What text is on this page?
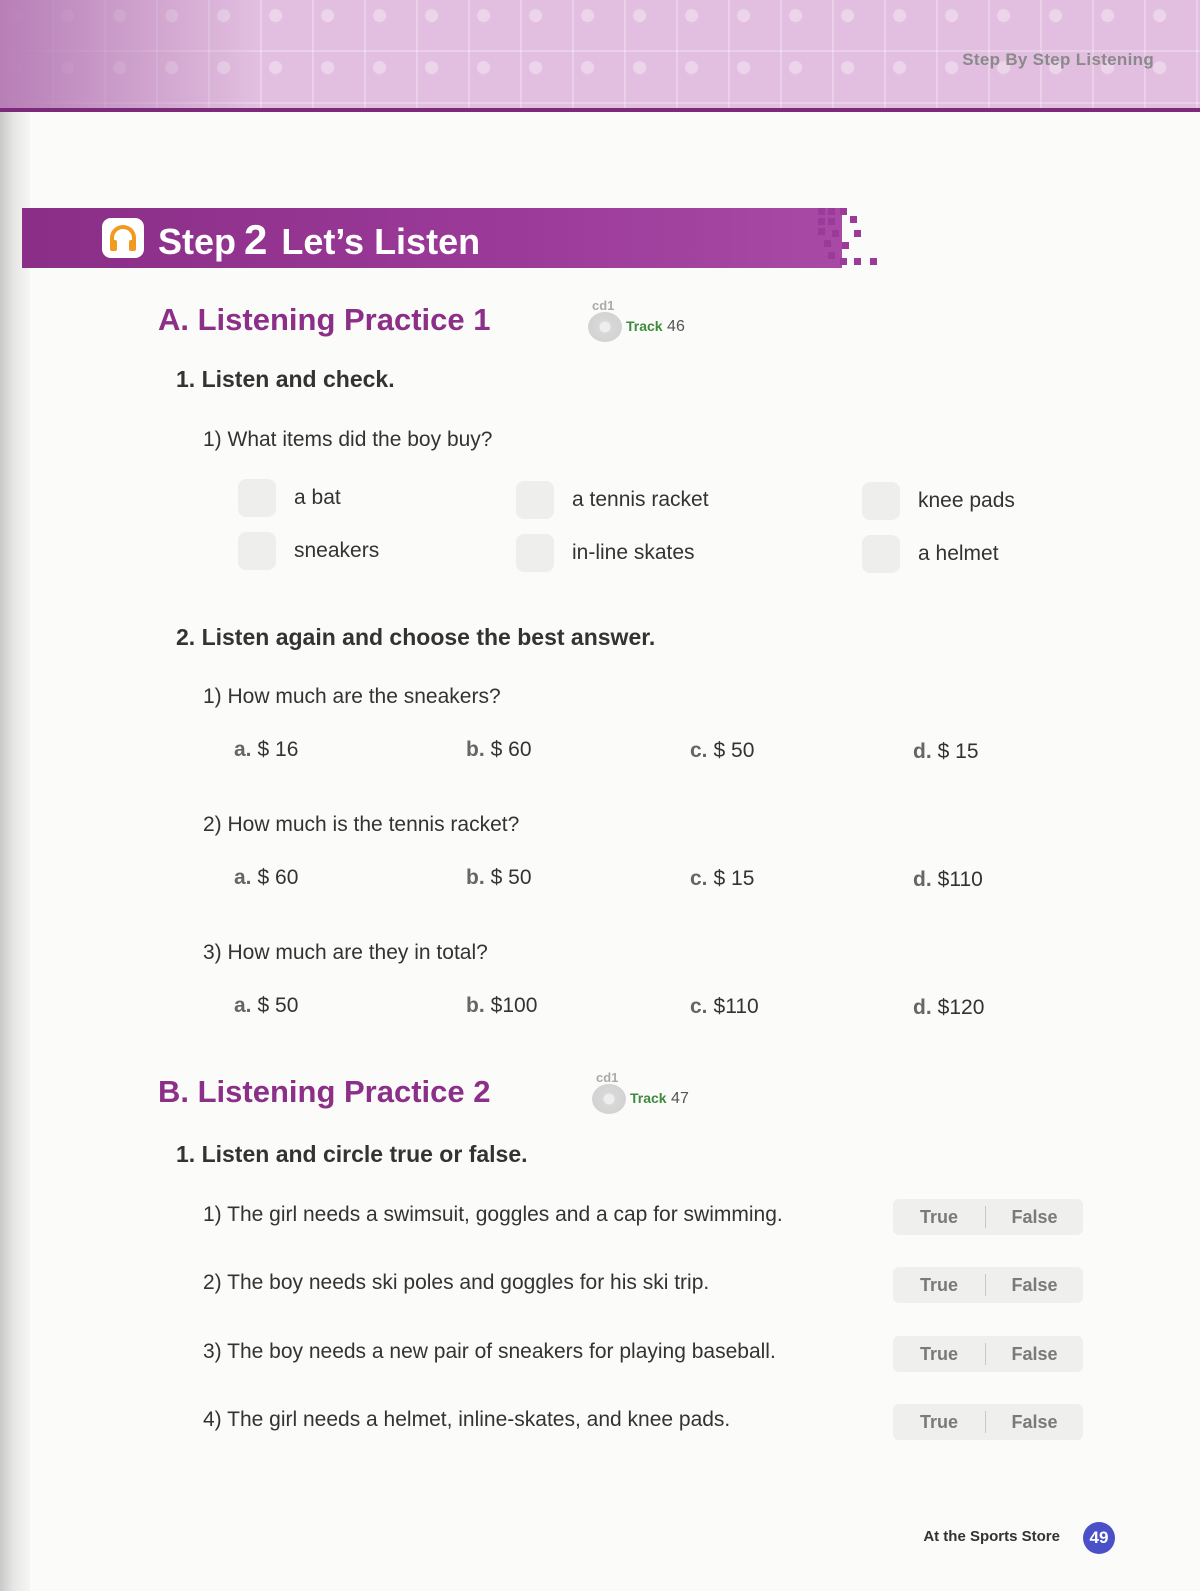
Step By Step Listening
Step 2 Let’s Listen
A. Listening Practice 1	cd1
Track 46
1. Listen and check.
1) What items did the boy buy?
a bat	a tennis racket	knee pads
sneakers	in-line skates	a helmet
2. Listen again and choose the best answer.
1) How much are the sneakers?
a. $ 16	b. $ 60	c. $ 50	d. $ 15
2) How much is the tennis racket?
a. $ 60	b. $ 50	c. $ 15	d. $110
3) How much are they in total?
a. $ 50	b. $100	c. $110	d. $120
B. Listening Practice 2	cd1
Track 47
1. Listen and circle true or false.
1) The girl needs a swimsuit, goggles and a cap for swimming.	True	False
2) The boy needs ski poles and goggles for his ski trip.	True	False
3) The boy needs a new pair of sneakers for playing baseball.	True	False
4) The girl needs a helmet, inline-skates, and knee pads.	True	False
At the Sports Store	49
